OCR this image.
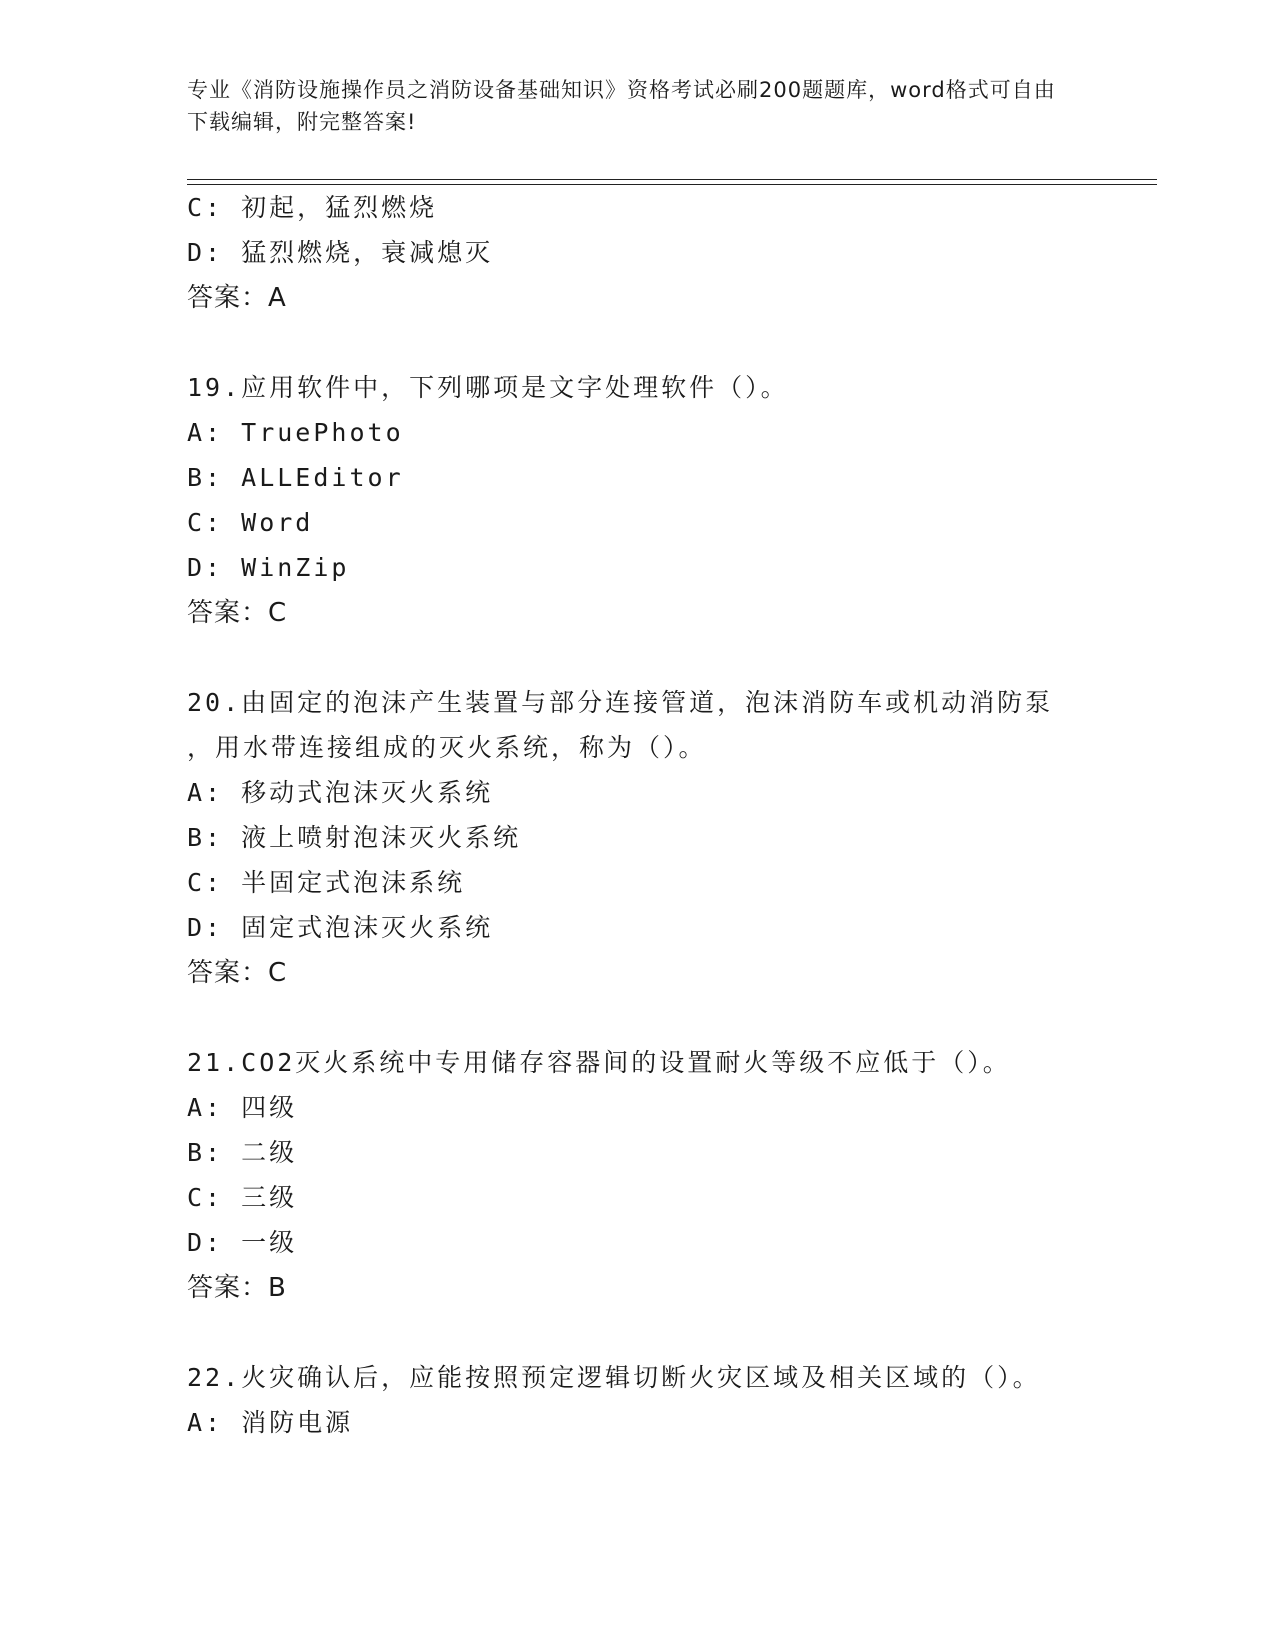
专业《消防设施操作员之消防设备基础知识》资格考试必刷200题题库，word格式可自由下载编辑，附完整答案!
C: 初起，猛烈燃烧
D: 猛烈燃烧，衰减熄灭
答案：A
19.应用软件中，下列哪项是文字处理软件（）。
A: TruePhoto
B: ALLEditor
C: Word
D: WinZip
答案：C
20.由固定的泡沫产生装置与部分连接管道，泡沫消防车或机动消防泵
，用水带连接组成的灭火系统，称为（）。
A: 移动式泡沫灭火系统
B: 液上喷射泡沫灭火系统
C: 半固定式泡沫系统
D: 固定式泡沫灭火系统
答案：C
21.CO2灭火系统中专用储存容器间的设置耐火等级不应低于（）。
A: 四级
B: 二级
C: 三级
D: 一级
答案：B
22.火灾确认后，应能按照预定逻辑切断火灾区域及相关区域的（）。
A: 消防电源
